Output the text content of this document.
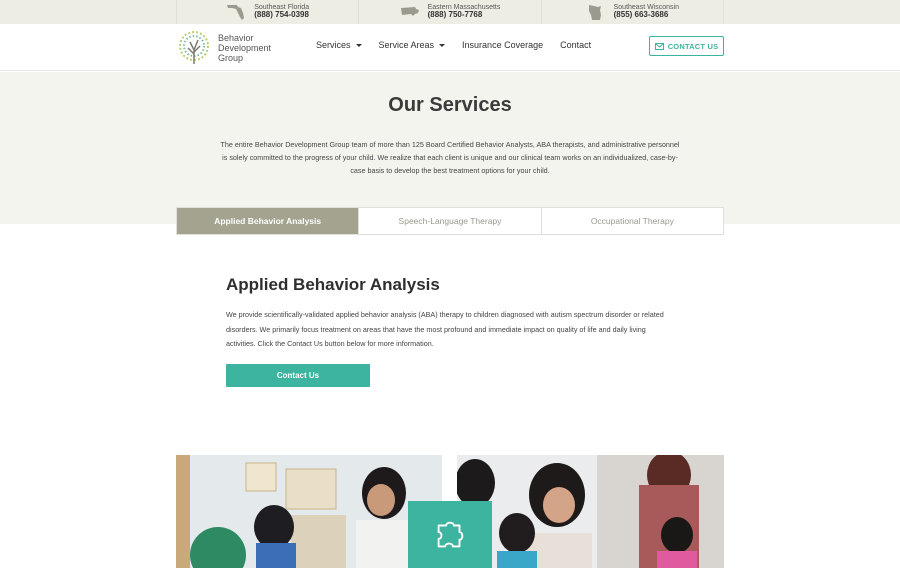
Southeast Florida
(888) 754-0398
Eastern Massachusetts
(888) 750-7768
Southeast Wisconsin
(855) 663-3686
Behavior
Development
Group
Services	Service Areas	Insurance Coverage Contact	CONTACT US
Our Services
The entire Behavior Development Group team of more than 125 Board Certified Behavior Analysts, ABA therapists, and administrative personnel is solely committed to the progress of your child. We realize that each client is unique and our clinical team works on an individualized, case-by-case basis to develop the best treatment options for your child.
Applied Behavior Analysis	Speech-Language Therapy	Occupational Therapy
Applied Behavior Analysis
We provide scientifically-validated applied behavior analysis (ABA) therapy to children diagnosed with autism spectrum disorder or related disorders. We primarily focus treatment on areas that have the most profound and immediate impact on quality of life and daily living activities. Click the Contact Us button below for more information.
Contact Us
